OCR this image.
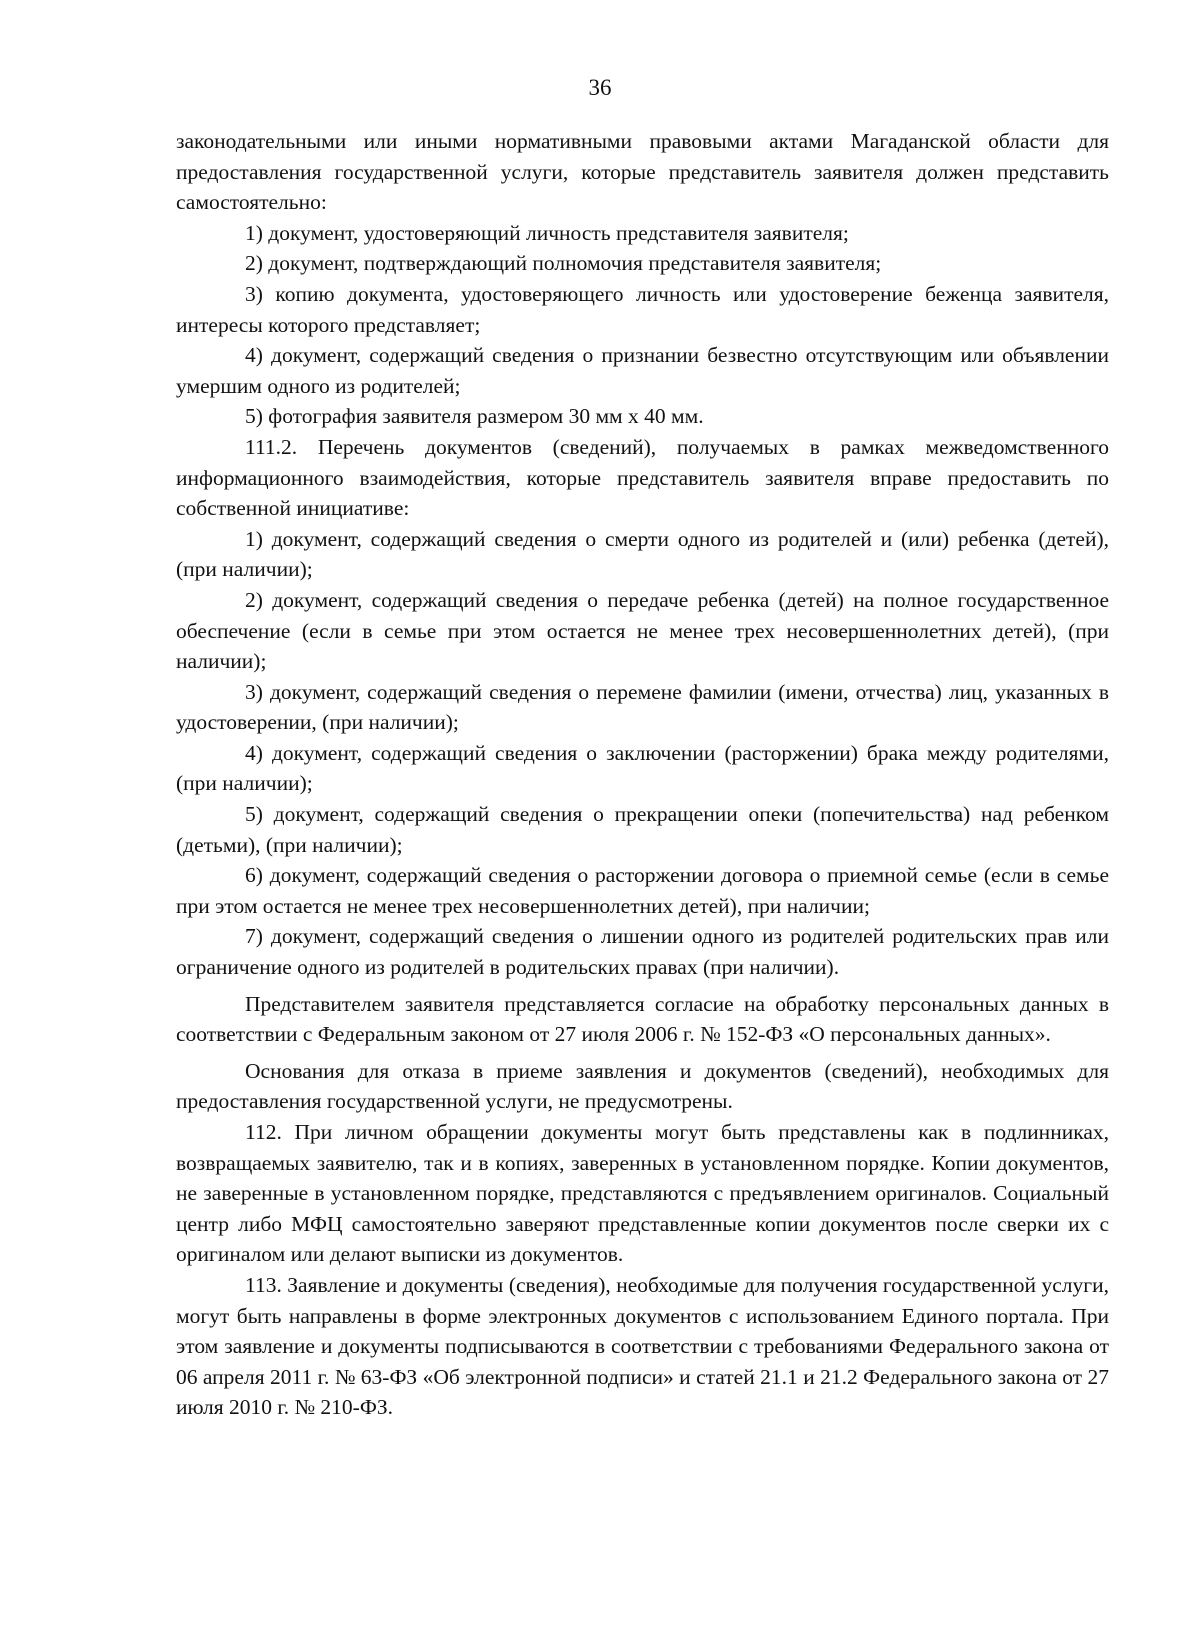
36

законодательными или иными нормативными правовыми актами Магаданской области для предоставления государственной услуги, которые представитель заявителя должен представить самостоятельно:

1) документ, удостоверяющий личность представителя заявителя;

2) документ, подтверждающий полномочия представителя заявителя;

3) копию документа, удостоверяющего личность или удостоверение беженца заявителя, интересы которого представляет;

4) документ, содержащий сведения о признании безвестно отсутствующим или объявлении умершим одного из родителей;

5) фотография заявителя размером 30 мм х 40 мм.

111.2. Перечень документов (сведений), получаемых в рамках межведомственного информационного взаимодействия, которые представитель заявителя вправе предоставить по собственной инициативе:

1) документ, содержащий сведения о смерти одного из родителей и (или) ребенка (детей), (при наличии);

2) документ, содержащий сведения о передаче ребенка (детей) на полное государственное обеспечение (если в семье при этом остается не менее трех несовершеннолетних детей), (при наличии);

3) документ, содержащий сведения о перемене фамилии (имени, отчества) лиц, указанных в удостоверении, (при наличии);

4) документ, содержащий сведения о заключении (расторжении) брака между родителями, (при наличии);

5) документ, содержащий сведения о прекращении опеки (попечительства) над ребенком (детьми), (при наличии);

6) документ, содержащий сведения о расторжении договора о приемной семье (если в семье при этом остается не менее трех несовершеннолетних детей), при наличии;

7) документ, содержащий сведения о лишении одного из родителей родительских прав или ограничение одного из родителей в родительских правах (при наличии).

Представителем заявителя представляется согласие на обработку персональных данных в соответствии с Федеральным законом от 27 июля 2006 г. № 152-ФЗ «О персональных данных».

Основания для отказа в приеме заявления и документов (сведений), необходимых для предоставления государственной услуги, не предусмотрены.

112. При личном обращении документы могут быть представлены как в подлинниках, возвращаемых заявителю, так и в копиях, заверенных в установленном порядке. Копии документов, не заверенные в установленном порядке, представляются с предъявлением оригиналов. Социальный центр либо МФЦ самостоятельно заверяют представленные копии документов после сверки их с оригиналом или делают выписки из документов.

113. Заявление и документы (сведения), необходимые для получения государственной услуги, могут быть направлены в форме электронных документов с использованием Единого портала. При этом заявление и документы подписываются в соответствии с требованиями Федерального закона от 06 апреля 2011 г. № 63-ФЗ «Об электронной подписи» и статей 21.1 и 21.2 Федерального закона от 27 июля 2010 г. № 210-ФЗ.
